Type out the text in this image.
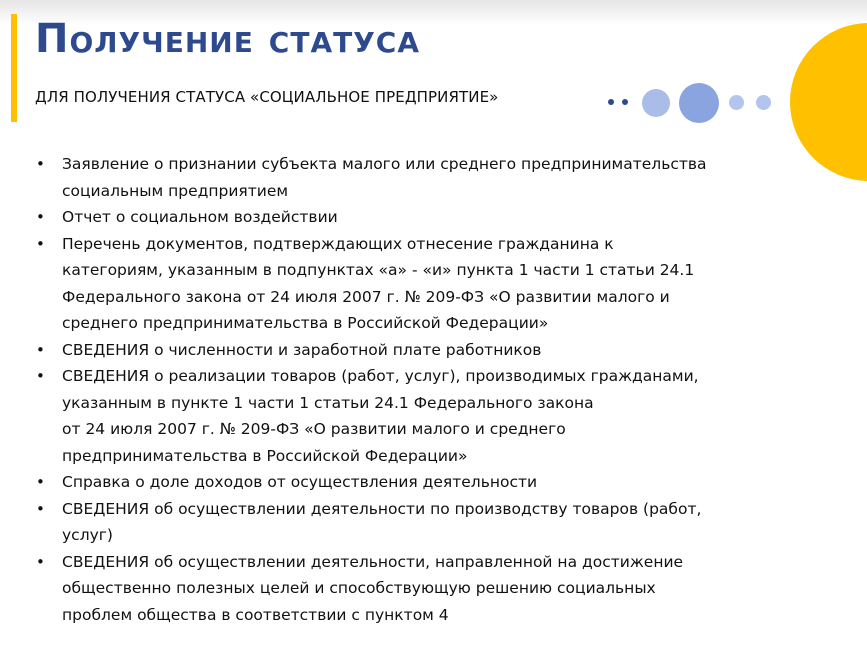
Получение статуса

ДЛЯ ПОЛУЧЕНИЯ СТАТУСА «СОЦИАЛЬНОЕ ПРЕДПРИЯТИЕ»

•	Заявление о признании субъекта малого или среднего предпринимательства
социальным предприятием
•	Отчет о социальном воздействии
•	Перечень документов, подтверждающих отнесение гражданина к
категориям, указанным в подпунктах «а» - «и» пункта 1 части 1 статьи 24.1
Федерального закона от 24 июля 2007 г. № 209-ФЗ «О развитии малого и
среднего предпринимательства в Российской Федерации»
•	СВЕДЕНИЯ о численности и заработной плате работников
•	СВЕДЕНИЯ о реализации товаров (работ, услуг), производимых гражданами,
указанным в пункте 1 части 1 статьи 24.1 Федерального закона
от 24 июля 2007 г. № 209-ФЗ «О развитии малого и среднего
предпринимательства в Российской Федерации»
•	Справка о доле доходов от осуществления деятельности
•	СВЕДЕНИЯ об осуществлении деятельности по производству товаров (работ,
услуг)
•	СВЕДЕНИЯ об осуществлении деятельности, направленной на достижение
общественно полезных целей и способствующую решению социальных
проблем общества в соответствии с пунктом 4
